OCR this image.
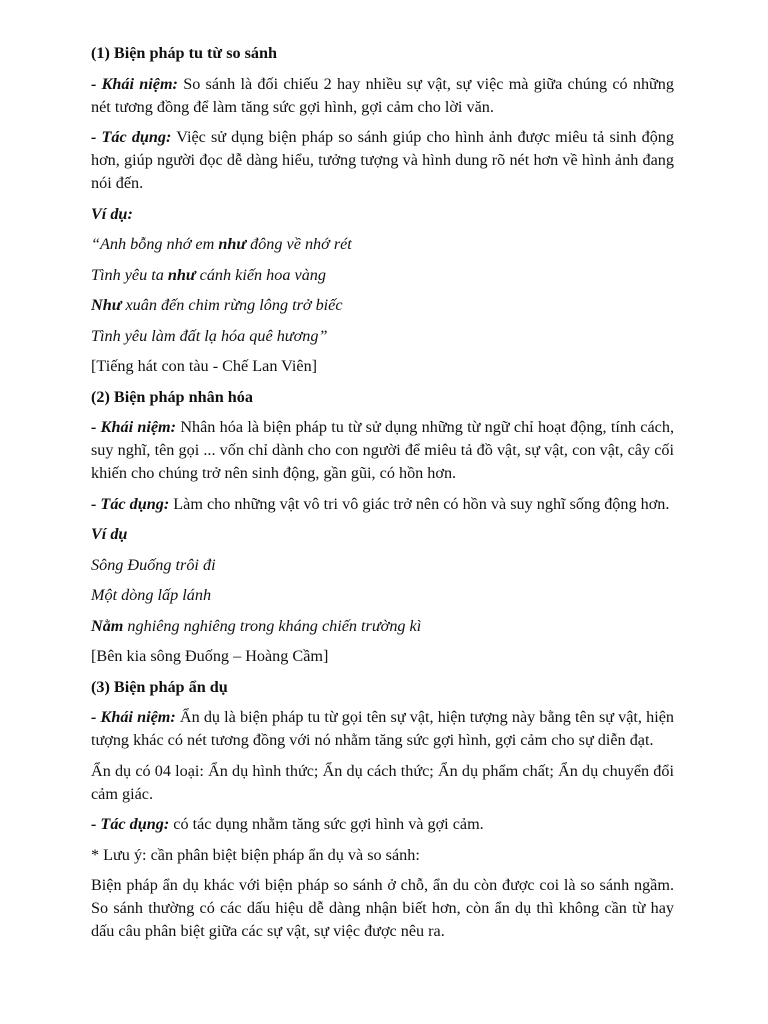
(1) Biện pháp tu từ so sánh

- Khái niệm: So sánh là đối chiếu 2 hay nhiều sự vật, sự việc mà giữa chúng có những nét tương đồng để làm tăng sức gợi hình, gợi cảm cho lời văn.

- Tác dụng: Việc sử dụng biện pháp so sánh giúp cho hình ảnh được miêu tả sinh động hơn, giúp người đọc dễ dàng hiểu, tưởng tượng và hình dung rõ nét hơn về hình ảnh đang nói đến.

Ví dụ:

“Anh bỗng nhớ em như đông về nhớ rét

Tình yêu ta như cánh kiến hoa vàng

Như xuân đến chim rừng lông trở biếc

Tình yêu làm đất lạ hóa quê hương”

[Tiếng hát con tàu - Chế Lan Viên]

(2) Biện pháp nhân hóa

- Khái niệm: Nhân hóa là biện pháp tu từ sử dụng những từ ngữ chỉ hoạt động, tính cách, suy nghĩ, tên gọi ... vốn chỉ dành cho con người để miêu tả đồ vật, sự vật, con vật, cây cối khiến cho chúng trở nên sinh động, gần gũi, có hồn hơn.

- Tác dụng: Làm cho những vật vô tri vô giác trở nên có hồn và suy nghĩ sống động hơn.

Ví dụ

Sông Đuống trôi đi

Một dòng lấp lánh

Nằm nghiêng nghiêng trong kháng chiến trường kì

[Bên kia sông Đuống – Hoàng Cầm]

(3) Biện pháp ẩn dụ

- Khái niệm: Ẩn dụ là biện pháp tu từ gọi tên sự vật, hiện tượng này bằng tên sự vật, hiện tượng khác có nét tương đồng với nó nhằm tăng sức gợi hình, gợi cảm cho sự diễn đạt.

Ẩn dụ có 04 loại: Ẩn dụ hình thức; Ẩn dụ cách thức; Ẩn dụ phẩm chất; Ẩn dụ chuyển đổi cảm giác.

- Tác dụng: có tác dụng nhằm tăng sức gợi hình và gợi cảm.

* Lưu ý: cần phân biệt biện pháp ẩn dụ và so sánh:

Biện pháp ẩn dụ khác với biện pháp so sánh ở chỗ, ẩn du còn được coi là so sánh ngầm. So sánh thường có các dấu hiệu dễ dàng nhận biết hơn, còn ẩn dụ thì không cần từ hay dấu câu phân biệt giữa các sự vật, sự việc được nêu ra.
